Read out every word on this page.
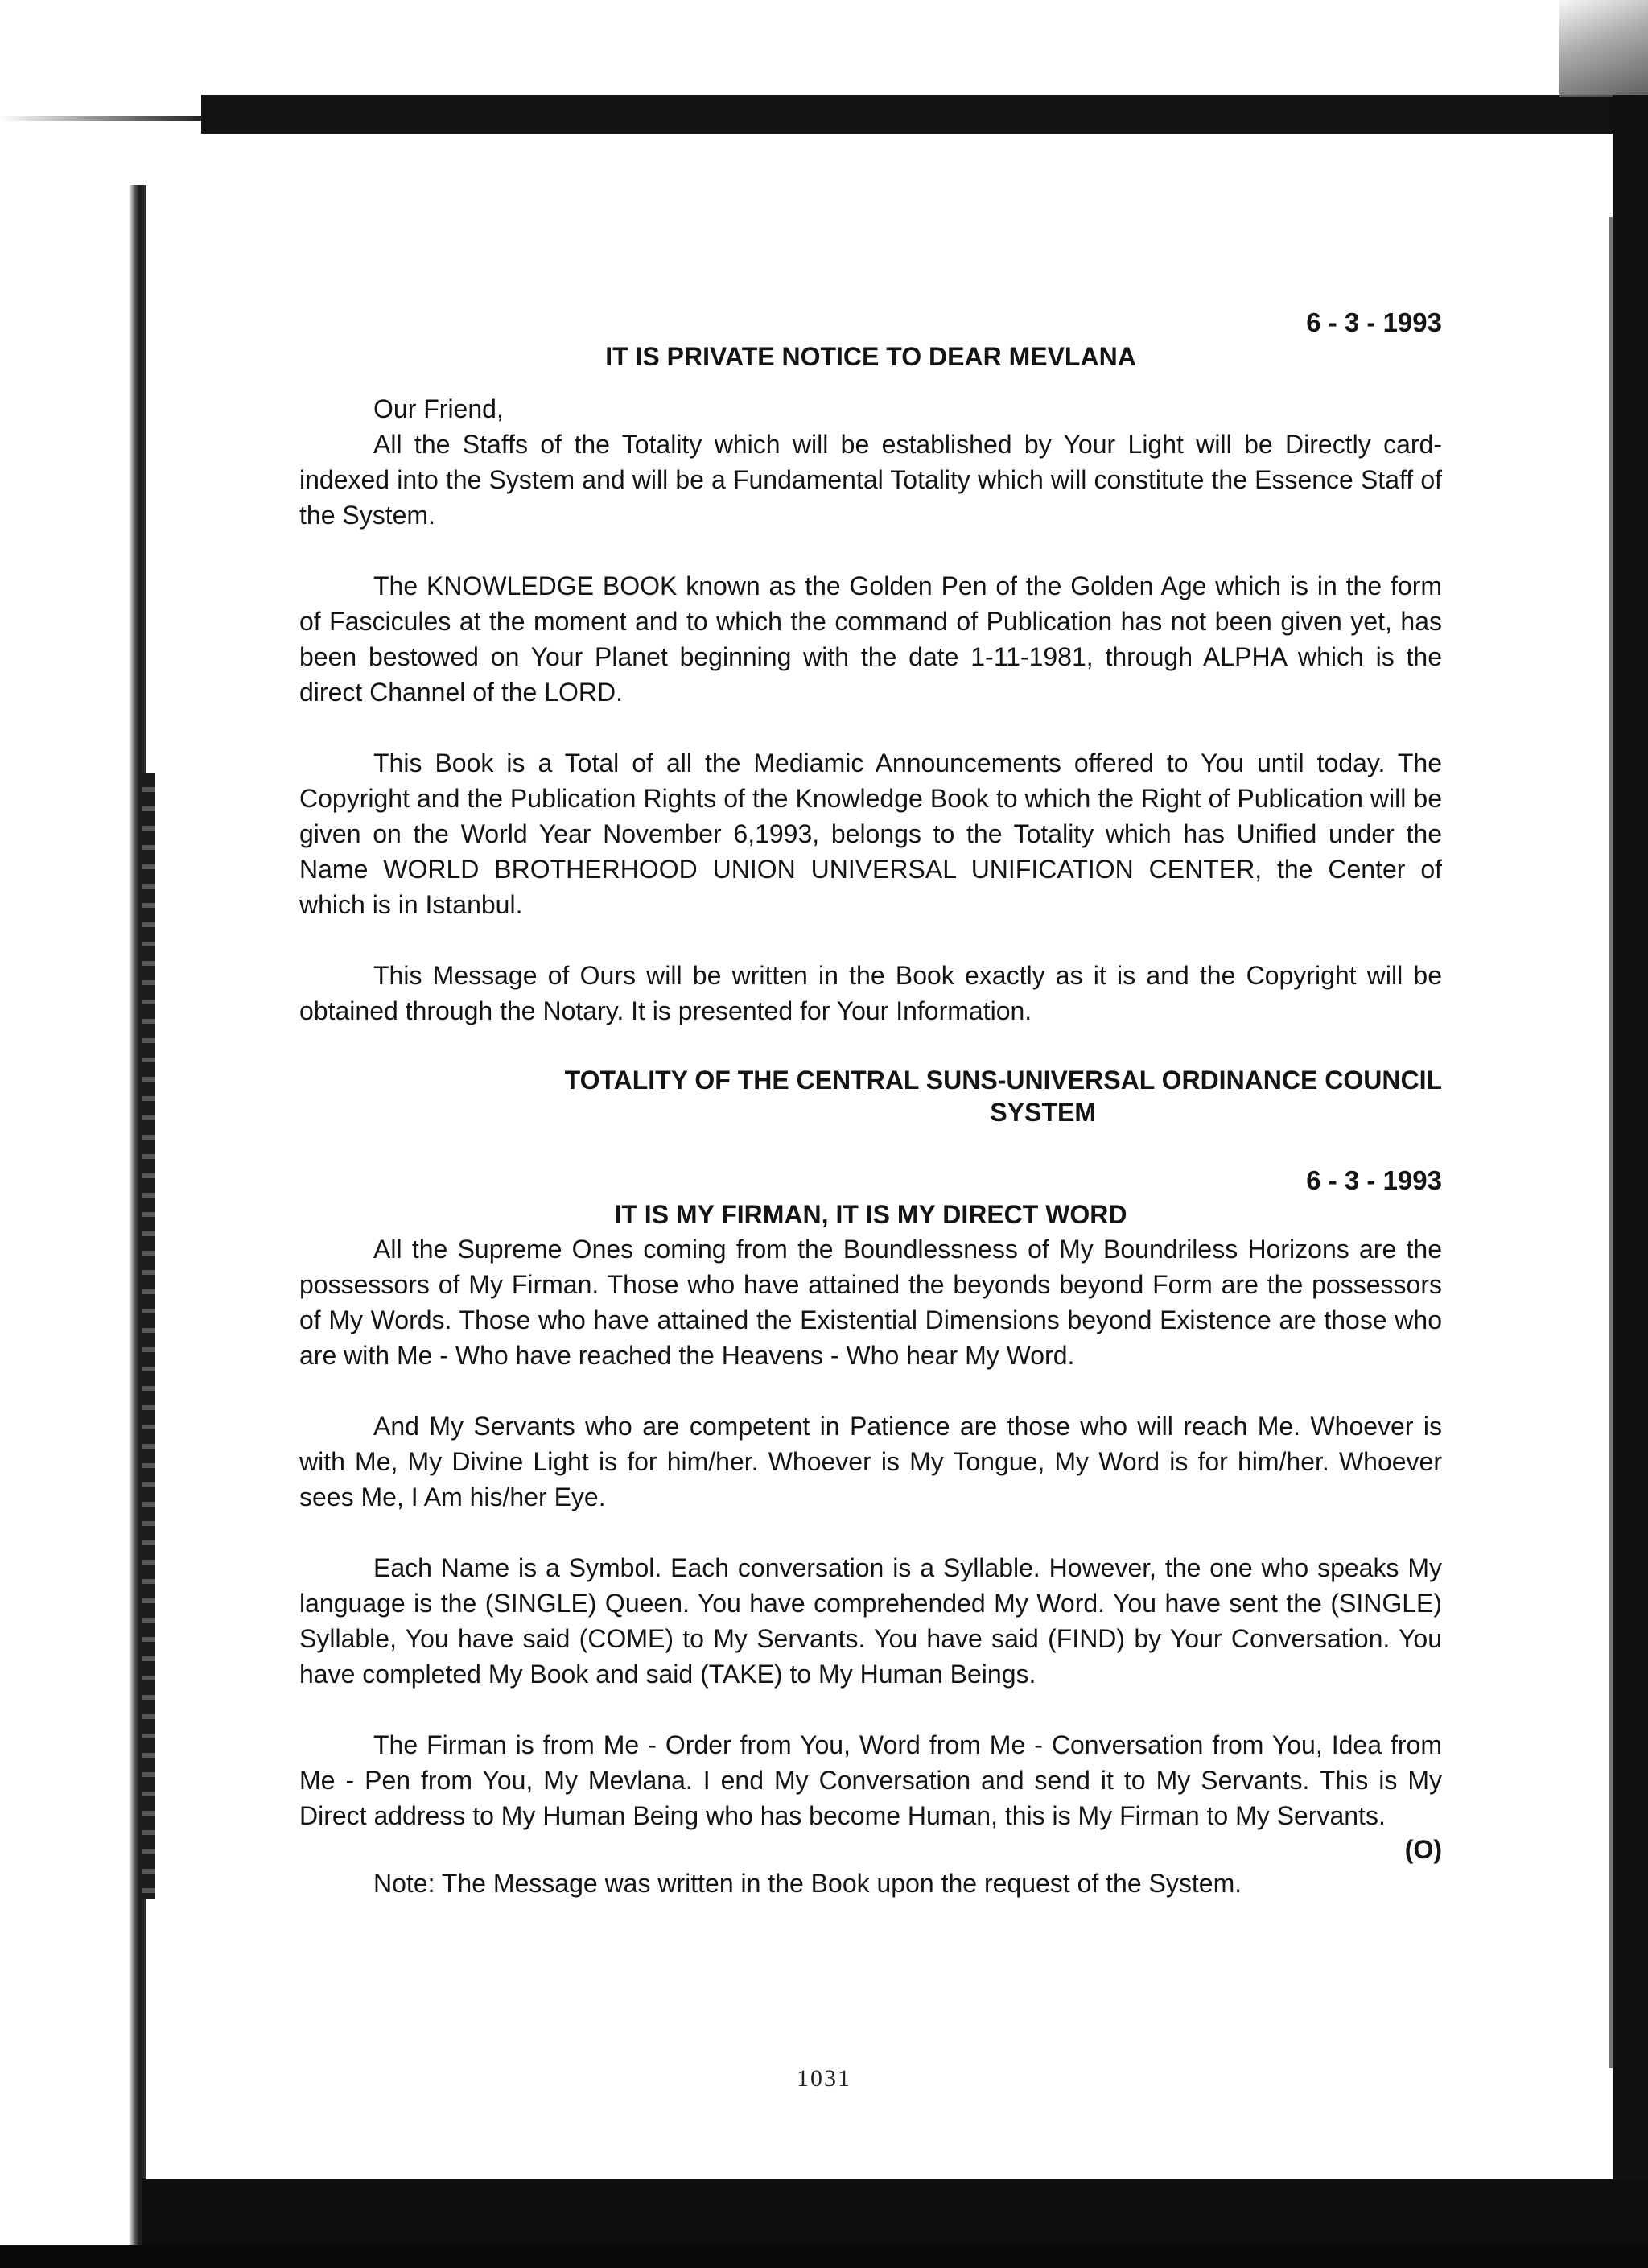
6 - 3 - 1993

IT IS PRIVATE NOTICE TO DEAR MEVLANA

Our Friend,

All the Staffs of the Totality which will be established by Your Light will be Directly card-indexed into the System and will be a Fundamental Totality which will constitute the Essence Staff of the System.

The KNOWLEDGE BOOK known as the Golden Pen of the Golden Age which is in the form of Fascicules at the moment and to which the command of Publication has not been given yet, has been bestowed on Your Planet beginning with the date 1-11-1981, through ALPHA which is the direct Channel of the LORD.

This Book is a Total of all the Mediamic Announcements offered to You until today. The Copyright and the Publication Rights of the Knowledge Book to which the Right of Publication will be given on the World Year November 6,1993, belongs to the Totality which has Unified under the Name WORLD BROTHERHOOD UNION UNIVERSAL UNIFICATION CENTER, the Center of which is in Istanbul.

This Message of Ours will be written in the Book exactly as it is and the Copyright will be obtained through the Notary. It is presented for Your Information.

TOTALITY OF THE CENTRAL SUNS-UNIVERSAL ORDINANCE COUNCIL

SYSTEM

6 - 3 - 1993

IT IS MY FIRMAN, IT IS MY DIRECT WORD

All the Supreme Ones coming from the Boundlessness of My Boundriless Horizons are the possessors of My Firman. Those who have attained the beyonds beyond Form are the possessors of My Words. Those who have attained the Existential Dimensions beyond Existence are those who are with Me - Who have reached the Heavens - Who hear My Word.

And My Servants who are competent in Patience are those who will reach Me. Whoever is with Me, My Divine Light is for him/her. Whoever is My Tongue, My Word is for him/her. Whoever sees Me, I Am his/her Eye.

Each Name is a Symbol. Each conversation is a Syllable. However, the one who speaks My language is the (SINGLE) Queen. You have comprehended My Word. You have sent the (SINGLE) Syllable, You have said (COME) to My Servants. You have said (FIND) by Your Conversation. You have completed My Book and said (TAKE) to My Human Beings.

The Firman is from Me - Order from You, Word from Me - Conversation from You, Idea from Me - Pen from You, My Mevlana. I end My Conversation and send it to My Servants. This is My Direct address to My Human Being who has become Human, this is My Firman to My Servants.

(O)

Note: The Message was written in the Book upon the request of the System.

1031
